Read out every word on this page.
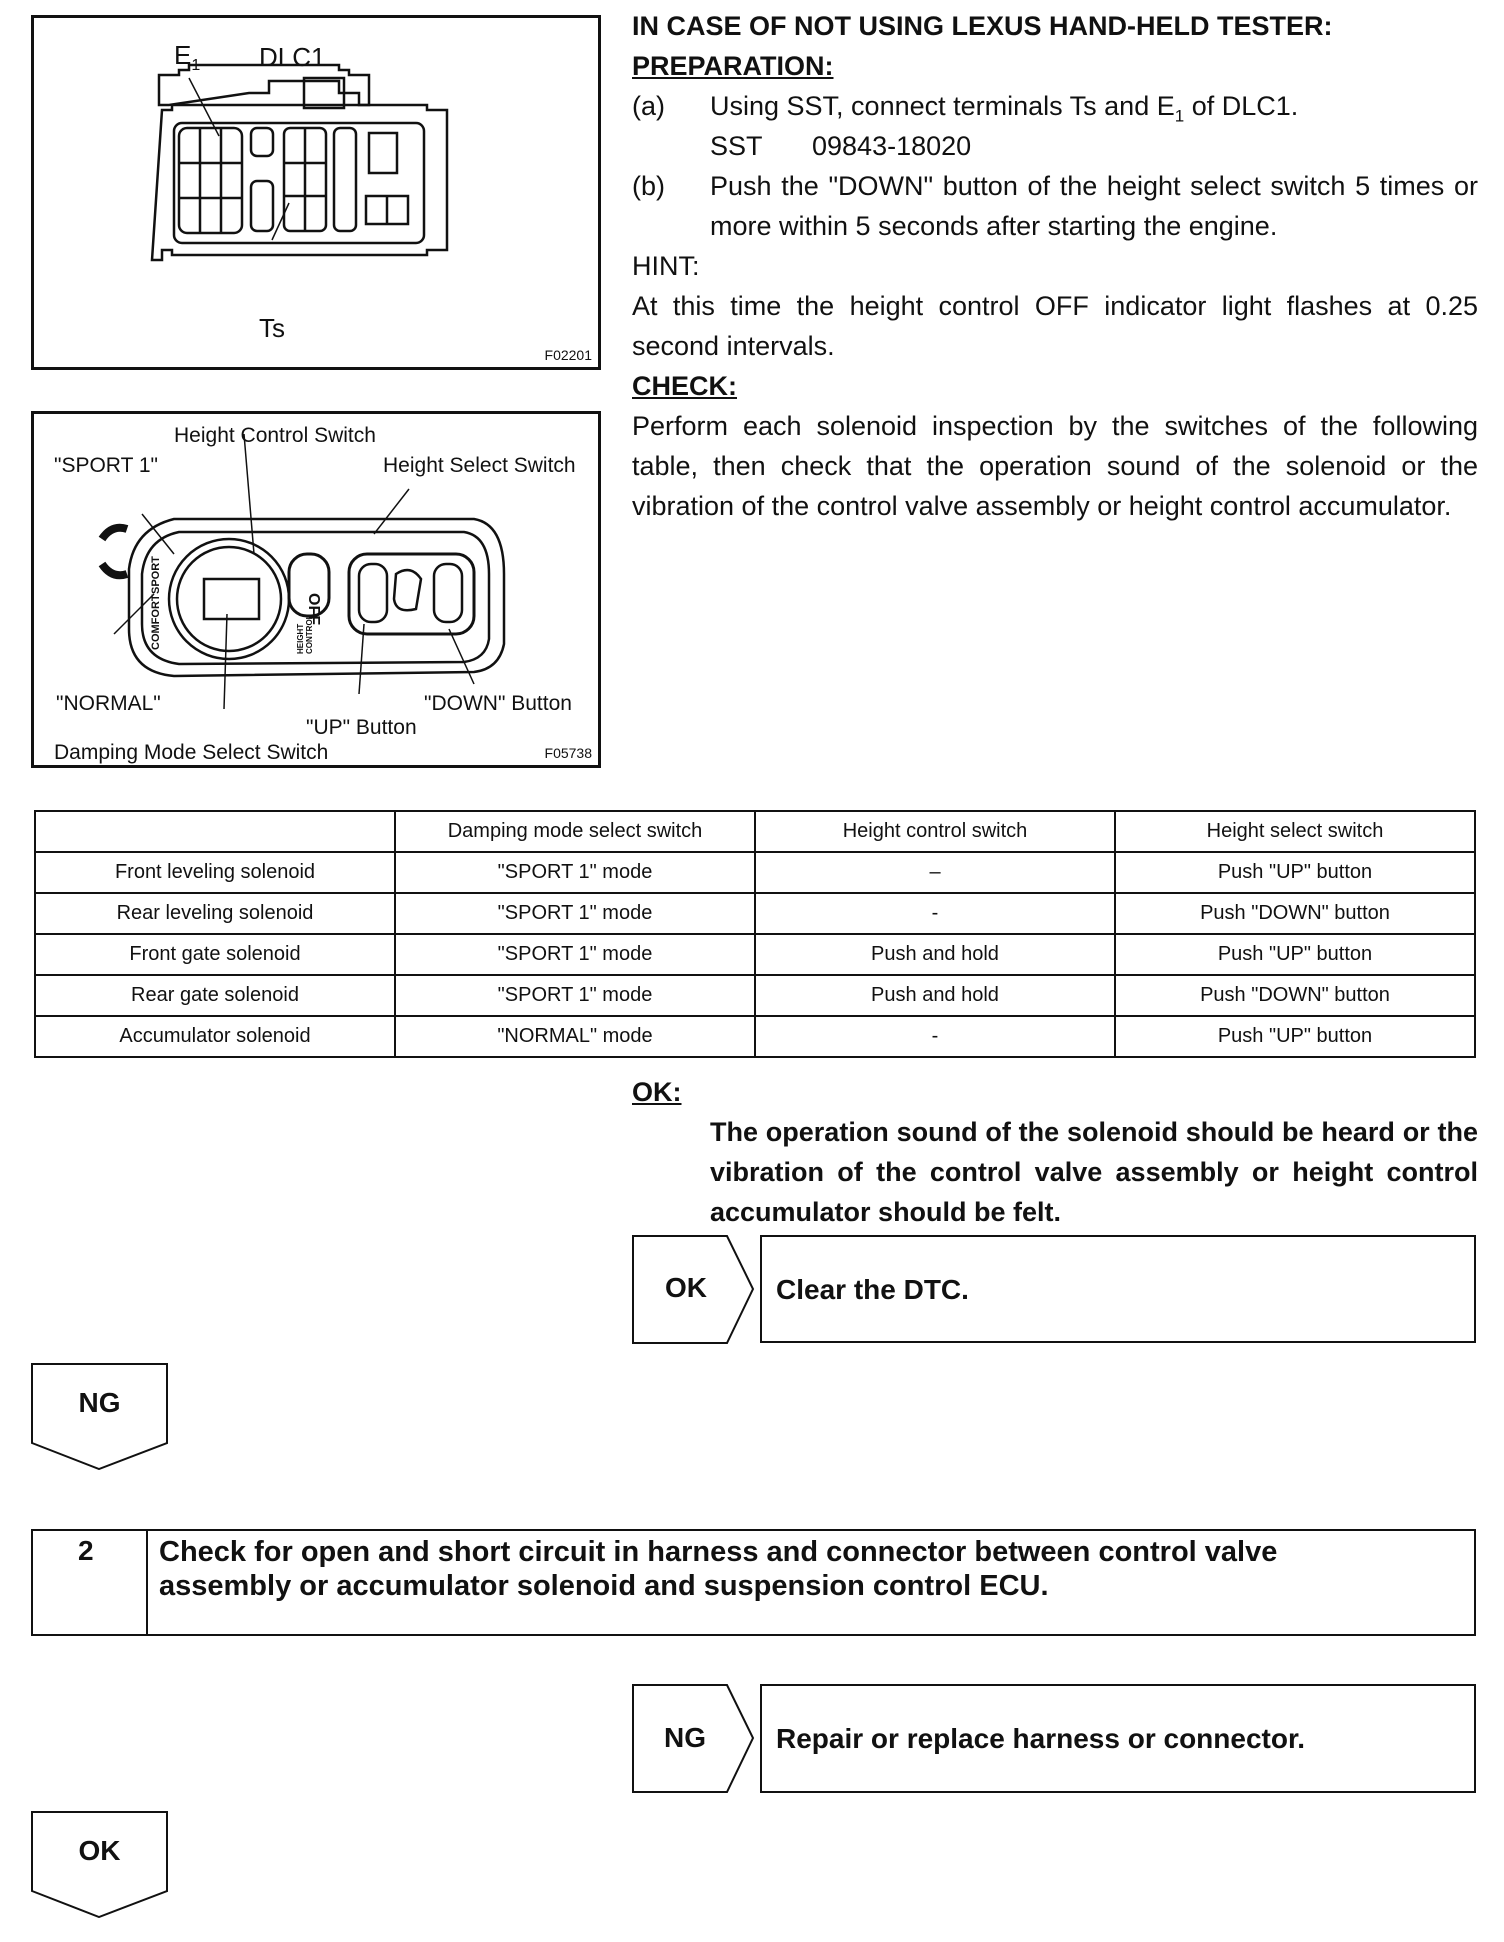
$E_1$ DLC1
Ts
F02201
OFF
COMFORT
SPORT
HEIGHT CONTROL
Height Control Switch
"SPORT 1"	Height Select Switch
"NORMAL"	"DOWN" Button
"UP" Button
Damping Mode Select Switch	F05738
IN CASE OF NOT USING LEXUS HAND-HELD TESTER:
PREPARATION:
(a) Using SST, connect terminals Ts and $E_1$ of DLC1.
SST 09843-18020
(b) Push the "DOWN" button of the height select switch 5 times or more within 5 seconds after starting the engine.
HINT:
At this time the height control OFF indicator light flashes at 0.25 second intervals.
CHECK:
Perform each solenoid inspection by the switches of the following table, then check that the operation sound of the solenoid or the vibration of the control valve assembly or height control accumulator.
	Damping mode select switch	Height control switch	Height select switch
Front leveling solenoid	"SPORT 1" mode	–	Push "UP" button
Rear leveling solenoid	"SPORT 1" mode	-	Push "DOWN" button
Front gate solenoid	"SPORT 1" mode	Push and hold	Push "UP" button
Rear gate solenoid	"SPORT 1" mode	Push and hold	Push "DOWN" button
Accumulator solenoid	"NORMAL" mode	-	Push "UP" button
OK:
The operation sound of the solenoid should be heard or the vibration of the control valve assembly or height control accumulator should be felt.
OK	Clear the DTC.
NG
2 Check for open and short circuit in harness and connector between control valve assembly or accumulator solenoid and suspension control ECU.
NG	Repair or replace harness or connector.
OK
